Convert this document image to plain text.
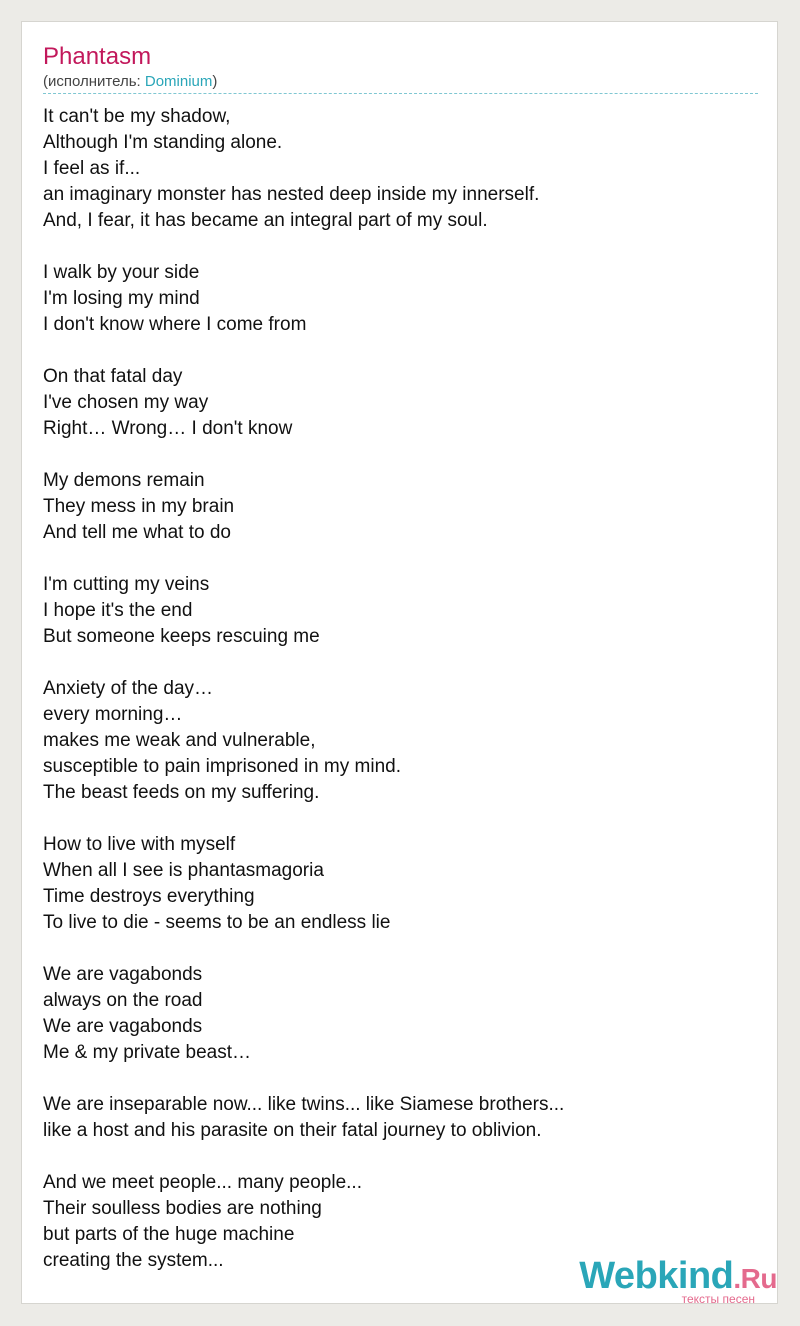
Phantasm
(исполнитель: Dominium)
It can't be my shadow,
Although I'm standing alone.
I feel as if...
an imaginary monster has nested deep inside my innerself.
And, I fear, it has became an integral part of my soul.
I walk by your side
I'm losing my mind
I don't know where I come from
On that fatal day
I've chosen my way
Right… Wrong… I don't know
My demons remain
They mess in my brain
And tell me what to do
I'm cutting my veins
I hope it's the end
But someone keeps rescuing me
Anxiety of the day…
every morning…
makes me weak and vulnerable,
susceptible to pain imprisoned in my mind.
The beast feeds on my suffering.
How to live with myself
When all I see is phantasmagoria
Time destroys everything
To live to die - seems to be an endless lie
We are vagabonds
always on the road
We are vagabonds
Me & my private beast…
We are inseparable now... like twins... like Siamese brothers...
like a host and his parasite on their fatal journey to oblivion.
And we meet people... many people...
Their soulless bodies are nothing
but parts of the huge machine
creating the system...	Webkind.Ru
тексты песен
